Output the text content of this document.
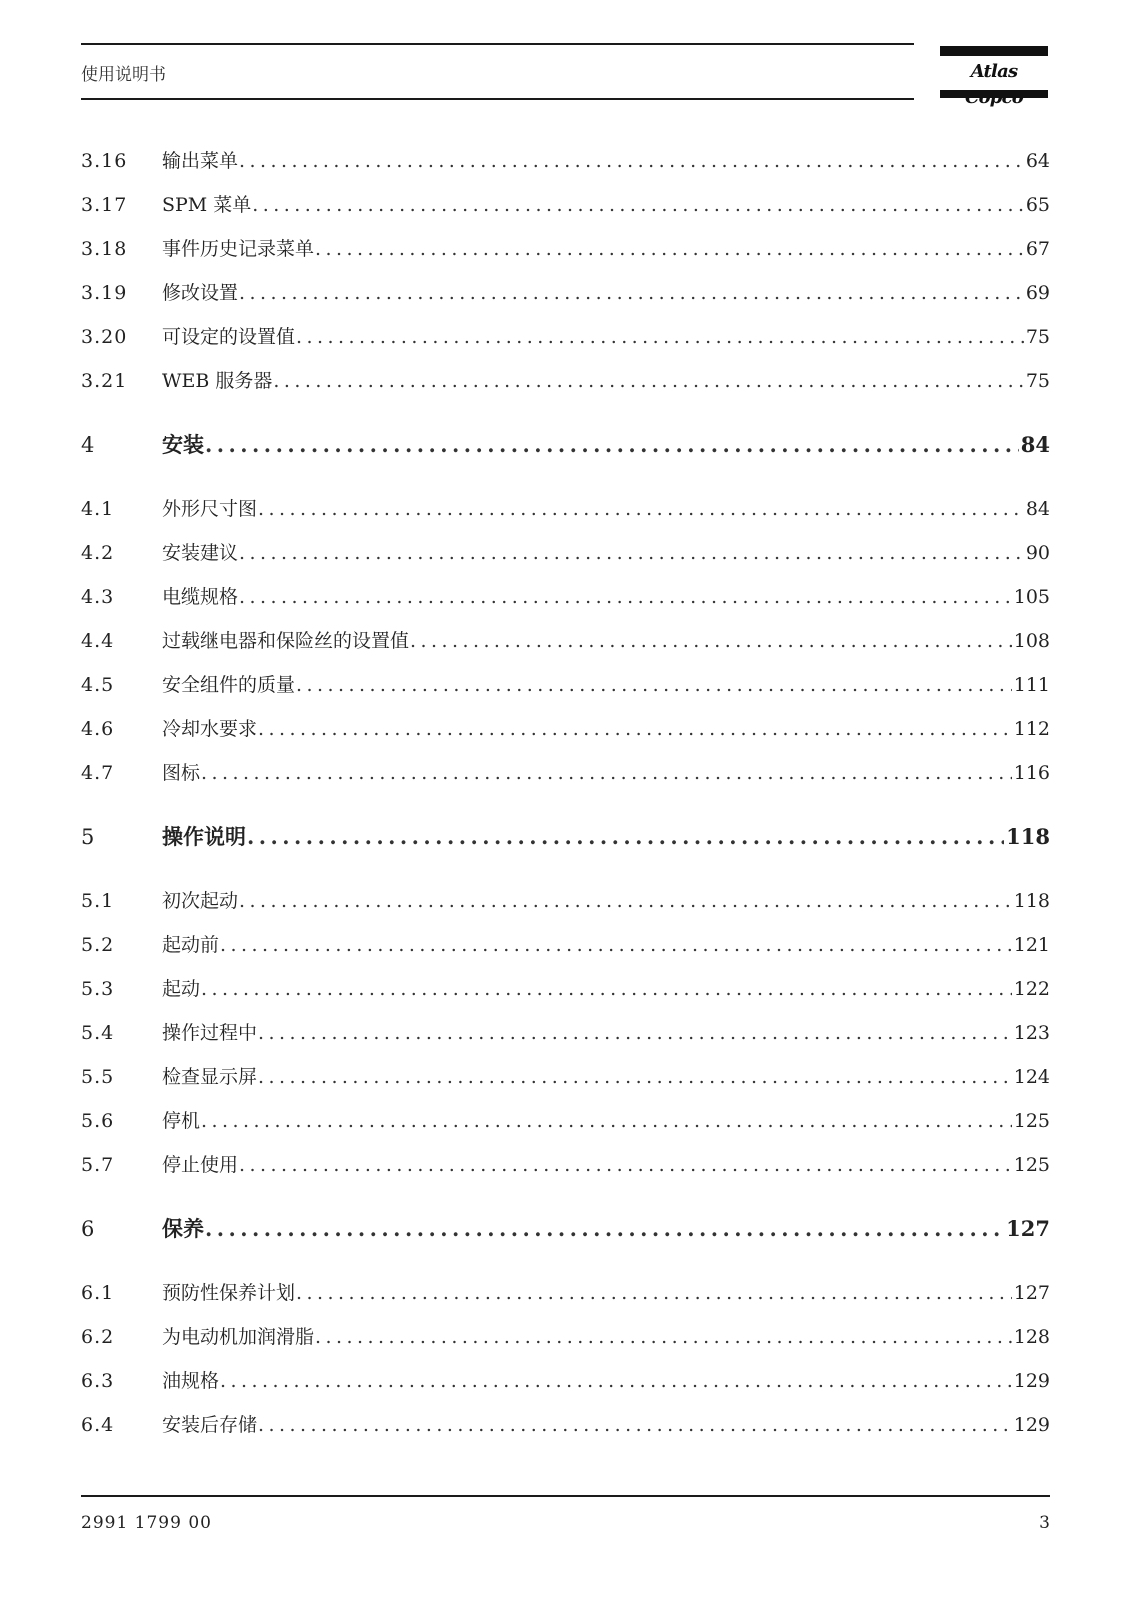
使用说明书	Atlas
3.16 输出菜单 .....	64
3.17 SPM 菜单 .....	65
3.18 事件历史记录菜单 .....	67
3.19 修改设置 .....	69
3.20 可设定的设置值 .....	75
3.21 WEB 服务器 .....	75
4	安装 .....	84
4.1	外形尺寸图 .....	84
4.2	安装建议 .....	90
4.3	电缆规格 .....	105
4.4	过载继电器和保险丝的设置值 .....	108
4.5	安全组件的质量 .....	111
4.6	冷却水要求 .....	112
4.7	图标 .....	116
5	操作说明 .....	118
5.1	初次起动 .....	118
5.2	起动前 .....	121
5.3	起动 .....	122
5.4	操作过程中 .....	123
5.5	检查显示屏 .....	124
5.6	停机 .....	125
5.7	停止使用 .....	125
6	保养 .....	127
6.1	预防性保养计划 .....	127
6.2	为电动机加润滑脂 .....	128
6.3	油规格 .....	129
6.4	安装后存储 .....	129
2991 1799 00	3
